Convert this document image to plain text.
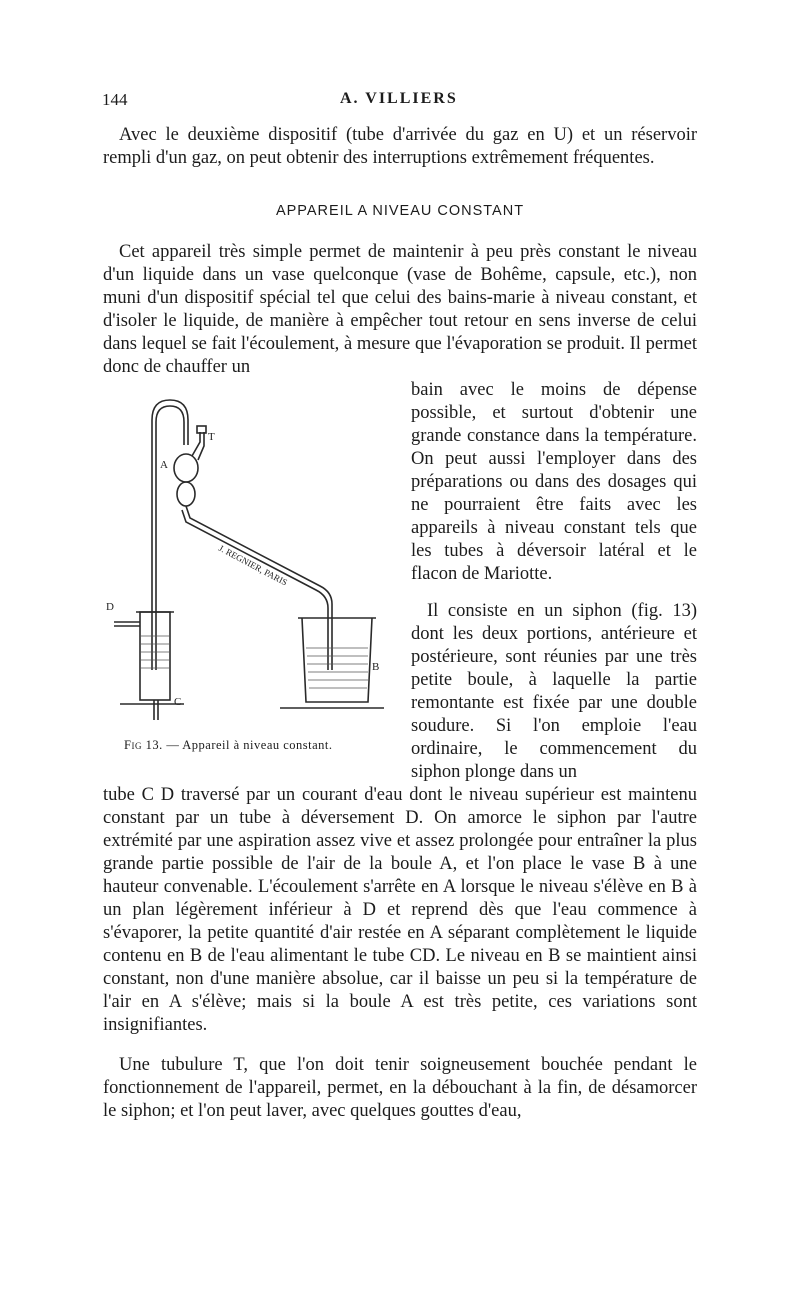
144	A. VILLIERS
Avec le deuxième dispositif (tube d'arrivée du gaz en U) et un réservoir rempli d'un gaz, on peut obtenir des interruptions extrêmement fréquentes.
APPAREIL A NIVEAU CONSTANT
Cet appareil très simple permet de maintenir à peu près constant le niveau d'un liquide dans un vase quelconque (vase de Bohême, capsule, etc.), non muni d'un dispositif spécial tel que celui des bains-marie à niveau constant, et d'isoler le liquide, de manière à empêcher tout retour en sens inverse de celui dans lequel se fait l'écoulement, à mesure que l'évaporation se produit. Il permet donc de chauffer un
bain avec le moins de dépense possible, et surtout d'obtenir une grande constance dans la température. On peut aussi l'employer dans des préparations ou dans des dosages qui ne pourraient être faits avec les appareils à niveau constant tels que les tubes à déversoir latéral et le flacon de Mariotte.
Il consiste en un siphon (fig. 13) dont les deux portions, antérieure et postérieure, sont réunies par une très petite boule, à laquelle la partie remontante est fixée par une double soudure. Si l'on emploie l'eau ordinaire, le commencement du siphon plonge dans un
tube C D traversé par un courant d'eau dont le niveau supérieur est maintenu constant par un tube à déversement D. On amorce le siphon par l'autre extrémité par une aspiration assez vive et assez prolongée pour entraîner la plus grande partie possible de l'air de la boule A, et l'on place le vase B à une hauteur convenable. L'écoulement s'arrête en A lorsque le niveau s'élève en B à un plan légèrement inférieur à D et reprend dès que l'eau commence à s'évaporer, la petite quantité d'air restée en A séparant complètement le liquide contenu en B de l'eau alimentant le tube CD. Le niveau en B se maintient ainsi constant, non d'une manière absolue, car il baisse un peu si la température de l'air en A s'élève; mais si la boule A est très petite, ces variations sont insignifiantes.
Une tubulure T, que l'on doit tenir soigneusement bouchée pendant le fonctionnement de l'appareil, permet, en la débouchant à la fin, de désamorcer le siphon; et l'on peut laver, avec quelques gouttes d'eau,
A
T
D
C
B
J. REGNIER, PARIS
Fig 13. — Appareil à niveau constant.
